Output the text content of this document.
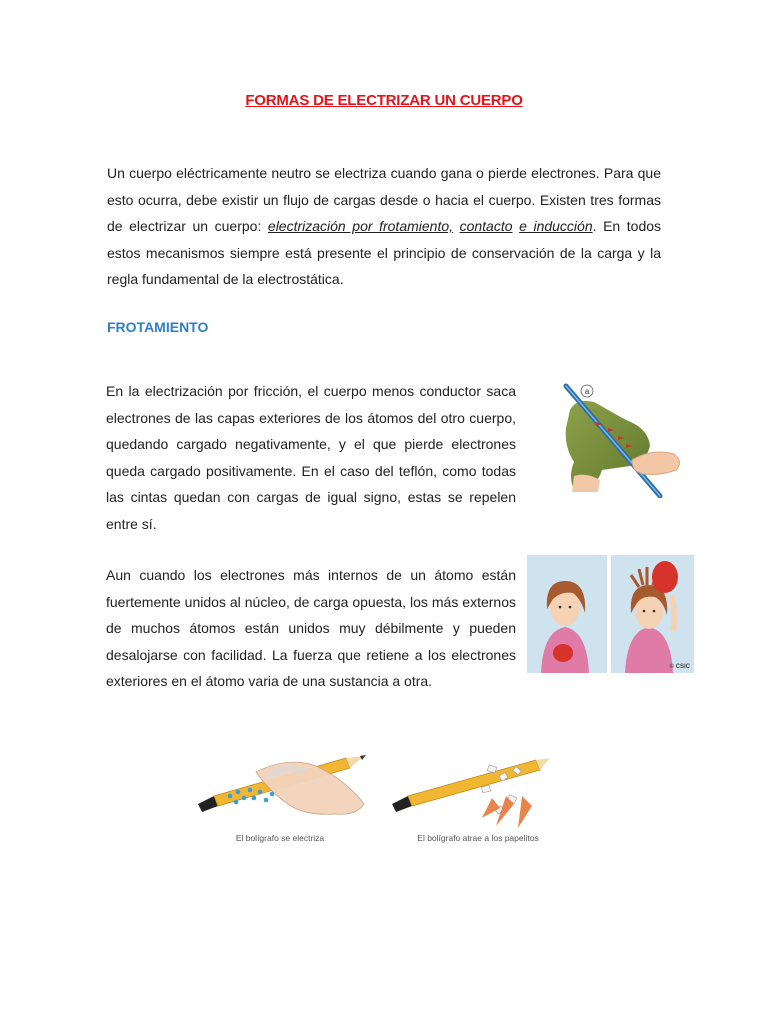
FORMAS DE ELECTRIZAR UN CUERPO

Un cuerpo eléctricamente neutro se electriza cuando gana o pierde electrones. Para que esto ocurra, debe existir un flujo de cargas desde o hacia el cuerpo. Existen tres formas de electrizar un cuerpo: electrización por frotamiento, contacto e inducción. En todos estos mecanismos siempre está presente el principio de conservación de la carga y la regla fundamental de la electrostática.

FROTAMIENTO

En la electrización por fricción, el cuerpo menos conductor saca electrones de las capas exteriores de los átomos del otro cuerpo, quedando cargado negativamente, y el que pierde electrones queda cargado positivamente. En el caso del teflón, como todas las cintas quedan con cargas de igual signo, estas se repelen entre sí.

a

Aun cuando los electrones más internos de un átomo están fuertemente unidos al núcleo, de carga opuesta, los más externos de muchos átomos están unidos muy débilmente y pueden desalojarse con facilidad. La fuerza que retiene a los electrones exteriores en el átomo varia de una sustancia a otra.

© CSIC
El bolígrafo se electriza	El bolígrafo atrae a los papelitos
